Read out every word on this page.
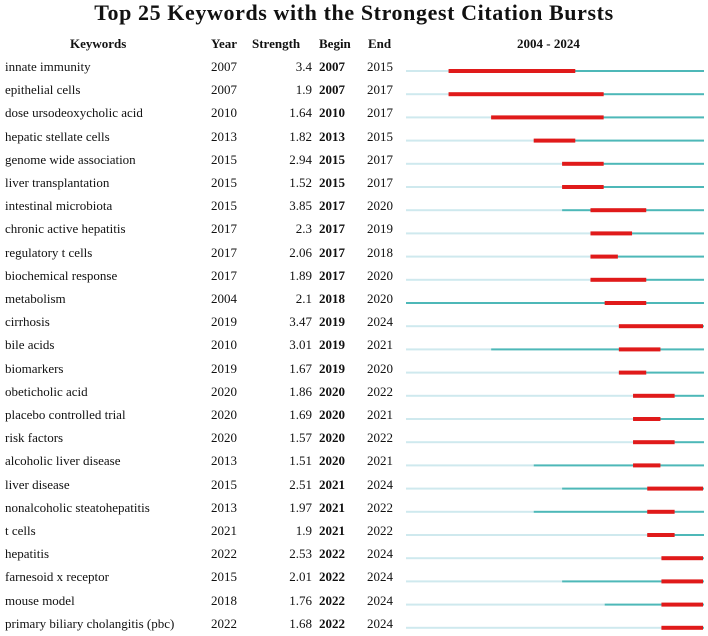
Top 25 Keywords with the Strongest Citation Bursts
Keywords	Year Strength Begin End	2004 - 2024
innate immunity	2007	3.4 2007 2015
epithelial cells	2007	1.9 2007 2017
dose ursodeoxycholic acid	2010	1.64 2010 2017
hepatic stellate cells	2013	1.82 2013 2015
genome wide association	2015	2.94 2015 2017
liver transplantation	2015	1.52 2015 2017
intestinal microbiota	2015	3.85 2017 2020
chronic active hepatitis	2017	2.3 2017 2019
regulatory t cells	2017	2.06 2017 2018
biochemical response	2017	1.89 2017 2020
metabolism	2004	2.1 2018 2020
cirrhosis	2019	3.47 2019 2024
bile acids	2010	3.01 2019 2021
biomarkers	2019	1.67 2019 2020
obeticholic acid	2020	1.86 2020 2022
placebo controlled trial	2020	1.69 2020 2021
risk factors	2020	1.57 2020 2022
alcoholic liver disease	2013	1.51 2020 2021
liver disease	2015	2.51 2021 2024
nonalcoholic steatohepatitis	2013	1.97 2021 2022
t cells	2021	1.9 2021 2022
hepatitis	2022	2.53 2022 2024
farnesoid x receptor	2015	2.01 2022 2024
mouse model	2018	1.76 2022 2024
primary biliary cholangitis (pbc)	2022	1.68 2022 2024
